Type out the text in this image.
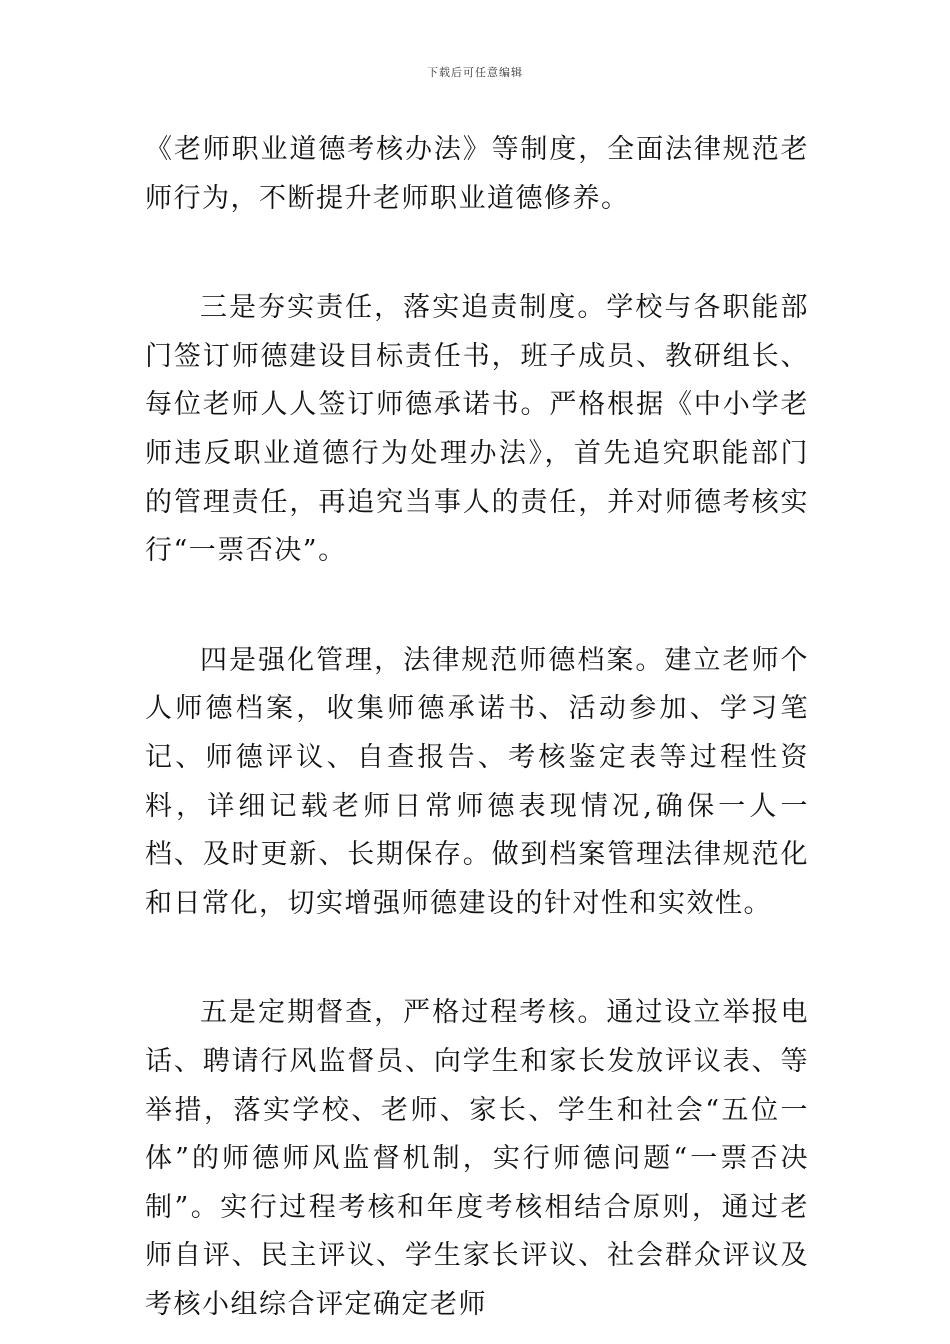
下载后可任意编辑

《老师职业道德考核办法》等制度，全面法律规范老师行为，不断提升老师职业道德修养。

三是夯实责任，落实追责制度。学校与各职能部门签订师德建设目标责任书，班子成员、教研组长、每位老师人人签订师德承诺书。严格根据《中小学老师违反职业道德行为处理办法》，首先追究职能部门的管理责任，再追究当事人的责任，并对师德考核实行“一票否决”。

四是强化管理，法律规范师德档案。建立老师个人师德档案，收集师德承诺书、活动参加、学习笔记、师德评议、自查报告、考核鉴定表等过程性资料，详细记载老师日常师德表现情况,确保一人一档、及时更新、长期保存。做到档案管理法律规范化和日常化，切实增强师德建设的针对性和实效性。

五是定期督查，严格过程考核。通过设立举报电话、聘请行风监督员、向学生和家长发放评议表、等举措，落实学校、老师、家长、学生和社会“五位一体”的师德师风监督机制，实行师德问题“一票否决制”。实行过程考核和年度考核相结合原则，通过老师自评、民主评议、学生家长评议、社会群众评议及考核小组综合评定确定老师
